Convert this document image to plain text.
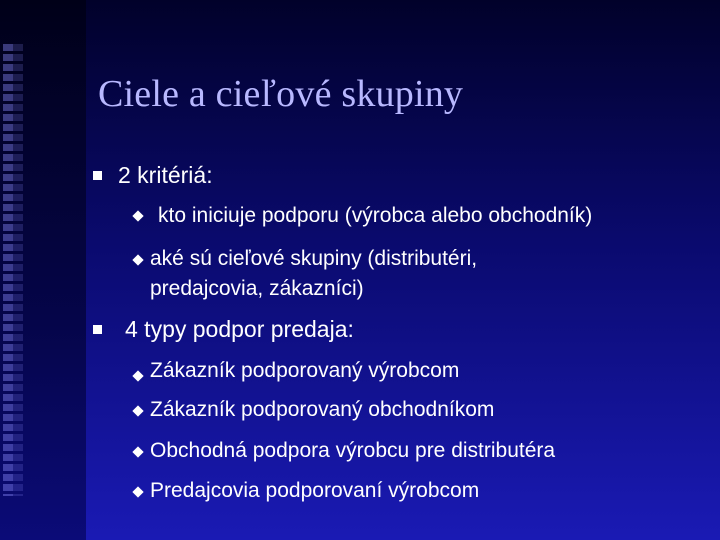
Ciele a cieľové skupiny
2 kritériá:
kto iniciuje podporu (výrobca alebo obchodník)
aké sú cieľové skupiny (distributéri,
predajcovia, zákazníci)
4 typy podpor predaja:
Zákazník podporovaný výrobcom
Zákazník podporovaný obchodníkom
Obchodná podpora výrobcu pre distributéra
Predajcovia podporovaní výrobcom
